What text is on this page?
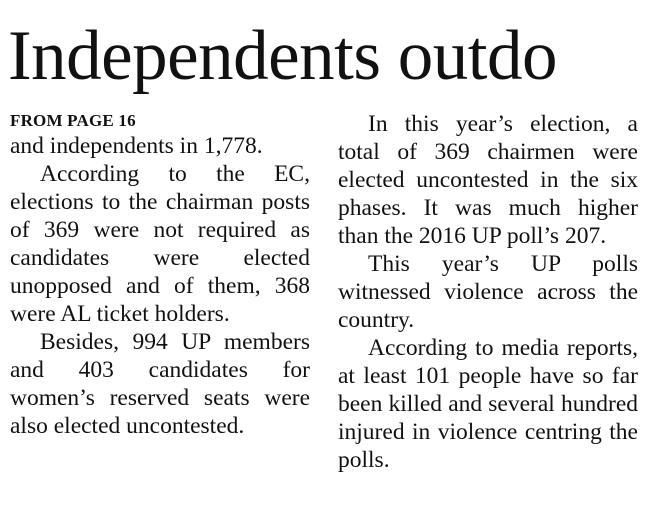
Independents outdo

FROM PAGE 16

and independents in 1,778.

According to the EC, elections to the chairman posts of 369 were not required as candidates were elected unopposed and of them, 368 were AL ticket holders.

Besides, 994 UP members and 403 candidates for women’s reserved seats were also elected uncontested.

In this year’s election, a total of 369 chairmen were elected uncontested in the six phases. It was much higher than the 2016 UP poll’s 207.

This year’s UP polls witnessed violence across the country.

According to media reports, at least 101 people have so far been killed and several hundred injured in violence centring the polls.
